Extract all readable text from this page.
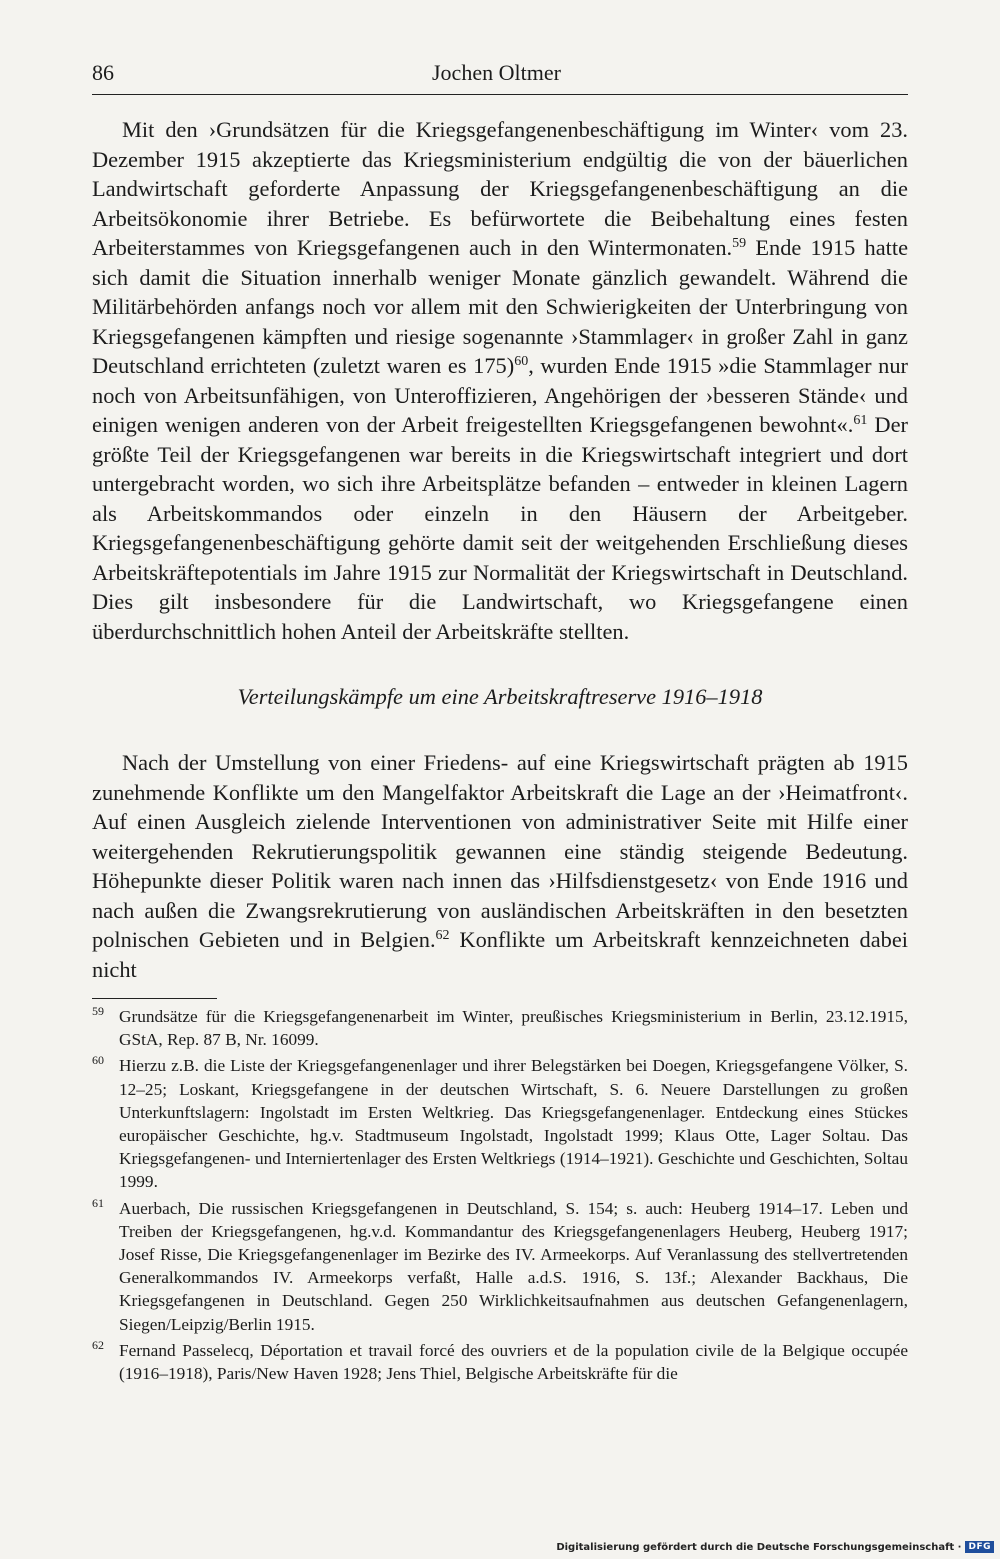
86	Jochen Oltmer

Mit den ›Grundsätzen für die Kriegsgefangenenbeschäftigung im Winter‹ vom 23. Dezember 1915 akzeptierte das Kriegsministerium endgültig die von der bäuerlichen Landwirtschaft geforderte Anpassung der Kriegsgefangenenbeschäftigung an die Arbeitsökonomie ihrer Betriebe. Es befürwortete die Beibehaltung eines festen Arbeiterstammes von Kriegsgefangenen auch in den Wintermonaten.$^{59}$ Ende 1915 hatte sich damit die Situation innerhalb weniger Monate gänzlich gewandelt. Während die Militärbehörden anfangs noch vor allem mit den Schwierigkeiten der Unterbringung von Kriegsgefangenen kämpften und riesige sogenannte ›Stammlager‹ in großer Zahl in ganz Deutschland errichteten (zuletzt waren es 175)$^{60}$, wurden Ende 1915 »die Stammlager nur noch von Arbeitsunfähigen, von Unteroffizieren, Angehörigen der ›besseren Stände‹ und einigen wenigen anderen von der Arbeit freigestellten Kriegsgefangenen bewohnt«.$^{61}$ Der größte Teil der Kriegsgefangenen war bereits in die Kriegswirtschaft integriert und dort untergebracht worden, wo sich ihre Arbeitsplätze befanden – entweder in kleinen Lagern als Arbeitskommandos oder einzeln in den Häusern der Arbeitgeber. Kriegsgefangenenbeschäftigung gehörte damit seit der weitgehenden Erschließung dieses Arbeitskräftepotentials im Jahre 1915 zur Normalität der Kriegswirtschaft in Deutschland. Dies gilt insbesondere für die Landwirtschaft, wo Kriegsgefangene einen überdurchschnittlich hohen Anteil der Arbeitskräfte stellten.

Verteilungskämpfe um eine Arbeitskraftreserve 1916–1918

Nach der Umstellung von einer Friedens- auf eine Kriegswirtschaft prägten ab 1915 zunehmende Konflikte um den Mangelfaktor Arbeitskraft die Lage an der ›Heimatfront‹. Auf einen Ausgleich zielende Interventionen von administrativer Seite mit Hilfe einer weitergehenden Rekrutierungspolitik gewannen eine ständig steigende Bedeutung. Höhepunkte dieser Politik waren nach innen das ›Hilfsdienstgesetz‹ von Ende 1916 und nach außen die Zwangsrekrutierung von ausländischen Arbeitskräften in den besetzten polnischen Gebieten und in Belgien.$^{62}$ Konflikte um Arbeitskraft kennzeichneten dabei nicht

59 Grundsätze für die Kriegsgefangenenarbeit im Winter, preußisches Kriegsministerium in Berlin, 23.12.1915, GStA, Rep. 87 B, Nr. 16099.
60 Hierzu z.B. die Liste der Kriegsgefangenenlager und ihrer Belegstärken bei Doegen, Kriegsgefangene Völker, S. 12–25; Loskant, Kriegsgefangene in der deutschen Wirtschaft, S. 6. Neuere Darstellungen zu großen Unterkunftslagern: Ingolstadt im Ersten Weltkrieg. Das Kriegsgefangenenlager. Entdeckung eines Stückes europäischer Geschichte, hg.v. Stadtmuseum Ingolstadt, Ingolstadt 1999; Klaus Otte, Lager Soltau. Das Kriegsgefangenen- und Interniertenlager des Ersten Weltkriegs (1914–1921). Geschichte und Geschichten, Soltau 1999.
61 Auerbach, Die russischen Kriegsgefangenen in Deutschland, S. 154; s. auch: Heuberg 1914–17. Leben und Treiben der Kriegsgefangenen, hg.v.d. Kommandantur des Kriegsgefangenenlagers Heuberg, Heuberg 1917; Josef Risse, Die Kriegsgefangenenlager im Bezirke des IV. Armeekorps. Auf Veranlassung des stellvertretenden Generalkommandos IV. Armeekorps verfaßt, Halle a.d.S. 1916, S. 13f.; Alexander Backhaus, Die Kriegsgefangenen in Deutschland. Gegen 250 Wirklichkeitsaufnahmen aus deutschen Gefangenenlagern, Siegen/Leipzig/Berlin 1915.
62 Fernand Passelecq, Déportation et travail forcé des ouvriers et de la population civile de la Belgique occupée (1916–1918), Paris/New Haven 1928; Jens Thiel, Belgische Arbeitskräfte für die
Digitalisierung gefördert durch die Deutsche Forschungsgemeinschaft · DFG
